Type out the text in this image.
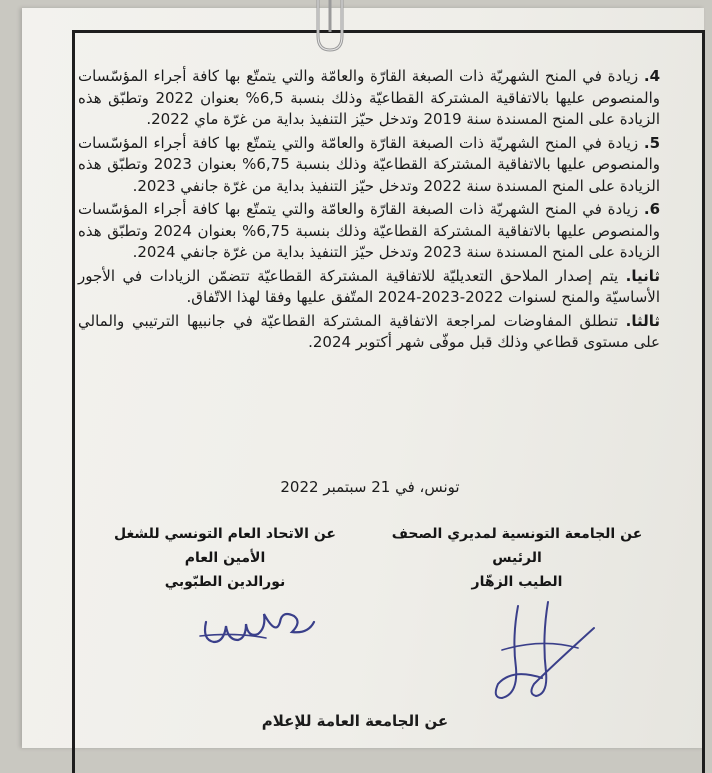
4. زيادة في المنح الشهريّة ذات الصبغة القارّة والعامّة والتي يتمتّع بها كافة أجراء المؤسّسات والمنصوص عليها بالاتفاقية المشتركة القطاعيّة وذلك بنسبة 6,5% بعنوان 2022 وتطبّق هذه الزيادة على المنح المسندة سنة 2019 وتدخل حيّز التنفيذ بداية من غرّة ماي 2022.

5. زيادة في المنح الشهريّة ذات الصبغة القارّة والعامّة والتي يتمتّع بها كافة أجراء المؤسّسات والمنصوص عليها بالاتفاقية المشتركة القطاعيّة وذلك بنسبة 6,75% بعنوان 2023 وتطبّق هذه الزيادة على المنح المسندة سنة 2022 وتدخل حيّز التنفيذ بداية من غرّة جانفي 2023.

6. زيادة في المنح الشهريّة ذات الصبغة القارّة والعامّة والتي يتمتّع بها كافة أجراء المؤسّسات والمنصوص عليها بالاتفاقية المشتركة القطاعيّة وذلك بنسبة 6,75% بعنوان 2024 وتطبّق هذه الزيادة على المنح المسندة سنة 2023 وتدخل حيّز التنفيذ بداية من غرّة جانفي 2024.

ثانيا. يتم إصدار الملاحق التعديليّة للاتفاقية المشتركة القطاعيّة تتضمّن الزيادات في الأجور الأساسيّة والمنح لسنوات 2022-2023-2024 المتّفق عليها وفقا لهذا الاتّفاق.

ثالثا. تنطلق المفاوضات لمراجعة الاتفاقية المشتركة القطاعيّة في جانبيها الترتيبي والمالي على مستوى قطاعي وذلك قبل موفّى شهر أكتوبر 2024.

تونس، في 21 سبتمبر 2022
عن الجامعة التونسية لمديري الصحف
الرئيس
الطيب الزهّار
عن الاتحاد العام التونسي للشغل
الأمين العام
نورالدين الطبّوبي
عن الجامعة العامة للإعلام
